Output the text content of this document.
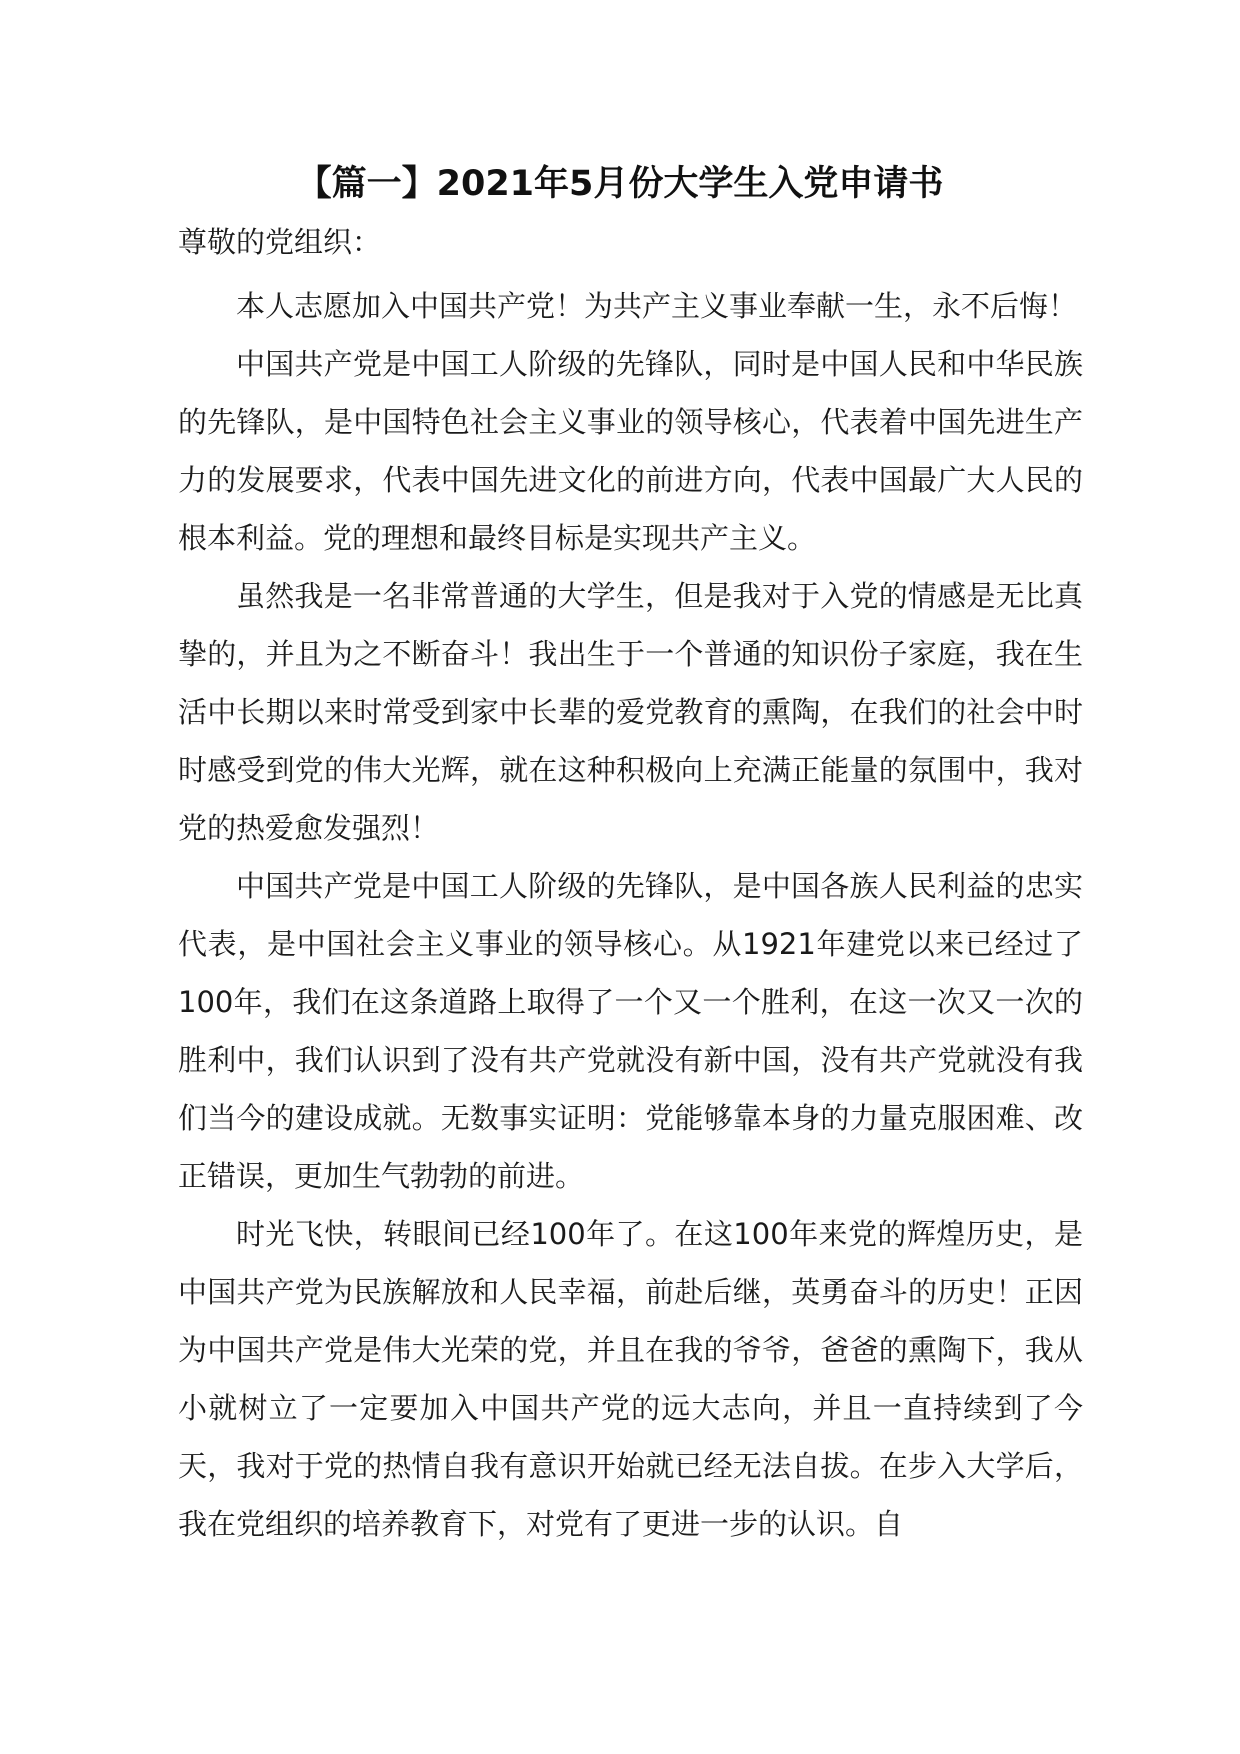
【篇一】2021年5月份大学生入党申请书

尊敬的党组织：

本人志愿加入中国共产党！为共产主义事业奉献一生，永不后悔！

中国共产党是中国工人阶级的先锋队，同时是中国人民和中华民族的先锋队，是中国特色社会主义事业的领导核心，代表着中国先进生产力的发展要求，代表中国先进文化的前进方向，代表中国最广大人民的根本利益。党的理想和最终目标是实现共产主义。

虽然我是一名非常普通的大学生，但是我对于入党的情感是无比真挚的，并且为之不断奋斗！我出生于一个普通的知识份子家庭，我在生活中长期以来时常受到家中长辈的爱党教育的熏陶，在我们的社会中时时感受到党的伟大光辉，就在这种积极向上充满正能量的氛围中，我对党的热爱愈发强烈！

中国共产党是中国工人阶级的先锋队，是中国各族人民利益的忠实代表，是中国社会主义事业的领导核心。从1921年建党以来已经过了100年，我们在这条道路上取得了一个又一个胜利，在这一次又一次的胜利中，我们认识到了没有共产党就没有新中国，没有共产党就没有我们当今的建设成就。无数事实证明：党能够靠本身的力量克服困难、改正错误，更加生气勃勃的前进。

时光飞快，转眼间已经100年了。在这100年来党的辉煌历史，是中国共产党为民族解放和人民幸福，前赴后继，英勇奋斗的历史！正因为中国共产党是伟大光荣的党，并且在我的爷爷，爸爸的熏陶下，我从小就树立了一定要加入中国共产党的远大志向，并且一直持续到了今天，我对于党的热情自我有意识开始就已经无法自拔。在步入大学后，我在党组织的培养教育下，对党有了更进一步的认识。自
